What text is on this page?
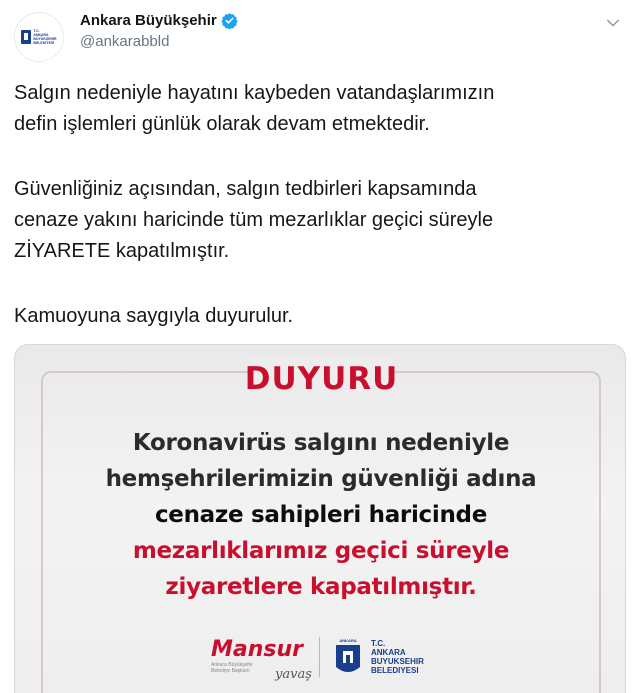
T.C.
ANKARA
BÜYÜKŞEHİR
BELEDİYESİ
Ankara Büyükşehir
@ankarabbld

Salgın nedeniyle hayatını kaybeden vatandaşlarımızın

defin işlemleri günlük olarak devam etmektedir.

Güvenliğiniz açısından, salgın tedbirleri kapsamında

cenaze yakını haricinde tüm mezarlıklar geçici süreyle

ZİYARETE kapatılmıştır.

Kamuoyuna saygıyla duyurulur.

DUYURU
Koronavirüs salgını nedeniyle
hemşehrilerimizin güvenliği adına
cenaze sahipleri haricinde
mezarlıklarımız geçici süreyle
ziyaretlere kapatılmıştır.
Mansur
Ankara Büyükşehir
Belediye Başkanı	yavaş
ANKARA T.C.
ANKARA
BUYUKSEHIR
BELEDIYESI
